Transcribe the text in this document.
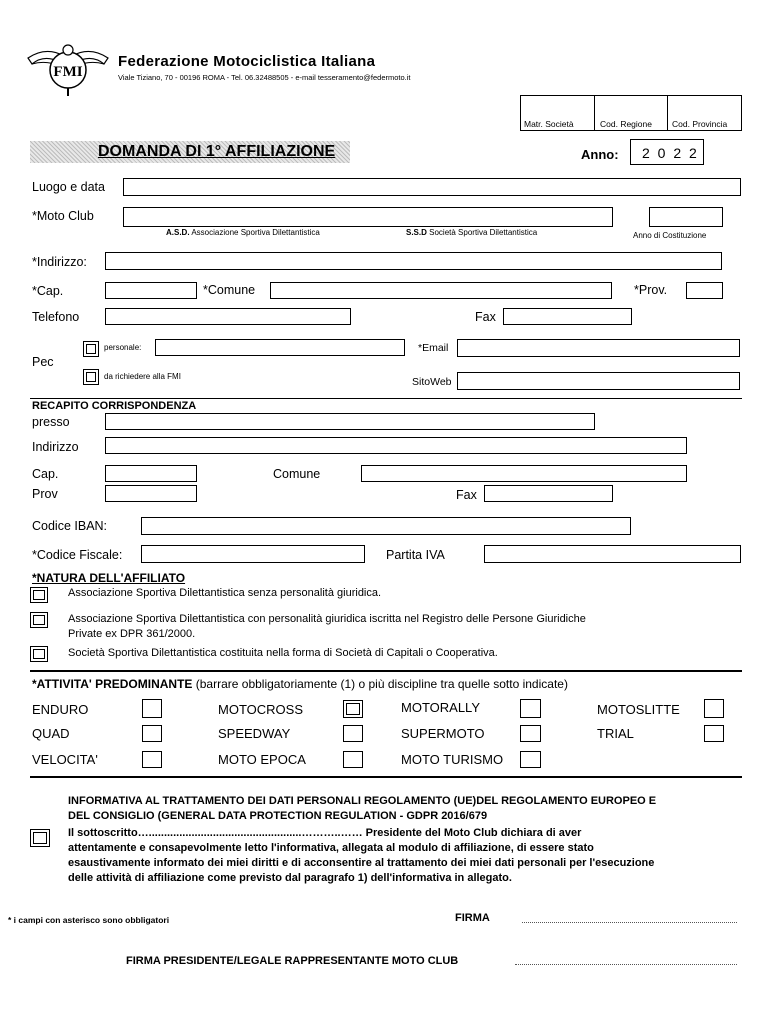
FMI
Federazione Motociclistica Italiana
Viale Tiziano, 70 - 00196 ROMA - Tel. 06.32488505 - e-mail tesseramento@federmoto.it
Matr. Società	Cod. Regione Cod. Provincia
DOMANDA DI 1° AFFILIAZIONE	Anno: 2 0 2 2
Luogo e data
*Moto Club
A.S.D. Associazione Sportiva Dilettantistica	S.S.D Società Sportiva Dilettantistica	Anno di Costituzione
*Indirizzo:
*Cap.	*Comune	*Prov.
Telefono	Fax
personale:
Pec
da richiedere alla FMI
*Email
SitoWeb
RECAPITO CORRISPONDENZA
presso
Indirizzo
Cap.	Comune
Prov	Fax
Codice IBAN:
*Codice Fiscale:	Partita IVA
*NATURA DELL'AFFILIATO
Associazione Sportiva Dilettantistica senza personalità giuridica.
Associazione Sportiva Dilettantistica con personalità giuridica iscritta nel Registro delle Persone Giuridiche
Private ex DPR 361/2000.
Società Sportiva Dilettantistica costituita nella forma di Società di Capitali o Cooperativa.
*ATTIVITA' PREDOMINANTE (barrare obbligatoriamente (1) o più discipline tra quelle sotto indicate)
ENDURO	MOTOCROSS	MOTORALLY	MOTOSLITTE
QUAD	SPEEDWAY	SUPERMOTO	TRIAL
VELOCITA'	MOTO EPOCA	MOTO TURISMO
INFORMATIVA AL TRATTAMENTO DEI DATI PERSONALI REGOLAMENTO (UE)DEL REGOLAMENTO EUROPEO E
DEL CONSIGLIO (GENERAL DATA PROTECTION REGULATION - GDPR 2016/679
Il sottoscritto…..................................................………..…… Presidente del Moto Club dichiara di aver
attentamente e consapevolmente letto l'informativa, allegata al modulo di affiliazione, di essere stato
esaustivamente informato dei miei diritti e di acconsentire al trattamento dei miei dati personali per l'esecuzione
delle attività di affiliazione come previsto dal paragrafo 1) dell'informativa in allegato.
* i campi con asterisco sono obbligatori	FIRMA
FIRMA PRESIDENTE/LEGALE RAPPRESENTANTE MOTO CLUB
